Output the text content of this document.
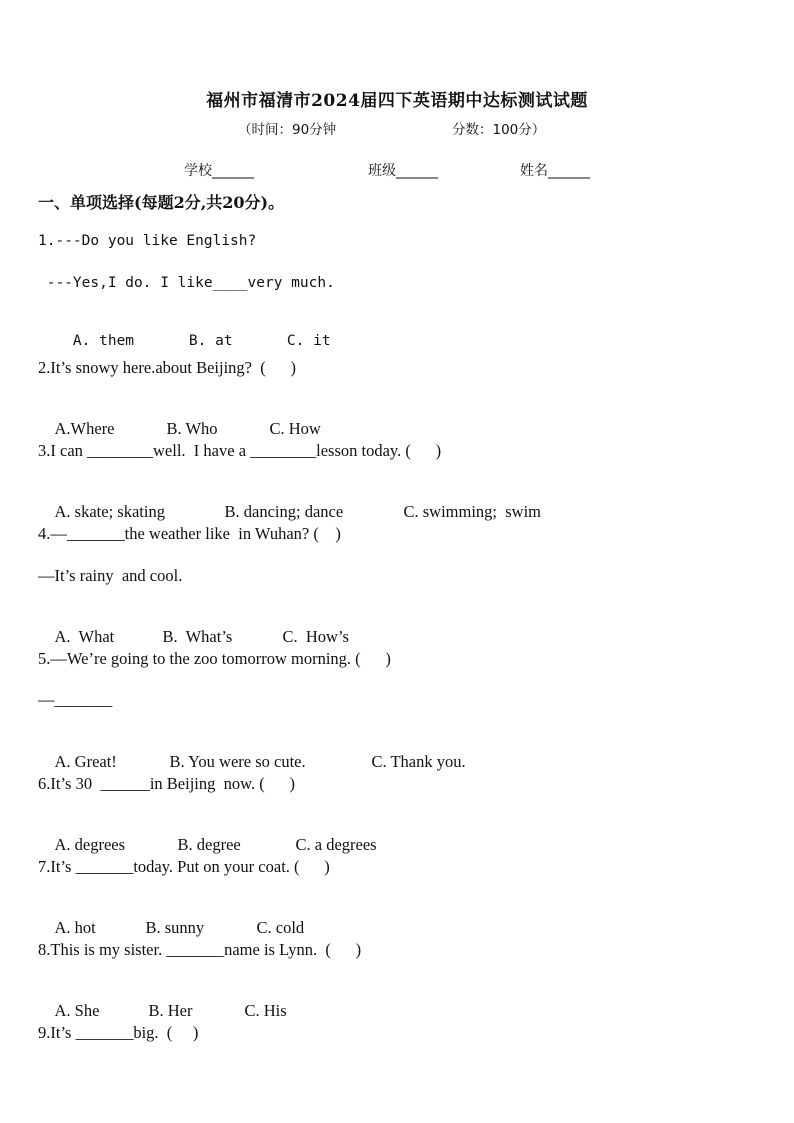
福州市福清市2024届四下英语期中达标测试试题
（时间：90分钟	分数：100分）
学校______	班级______	姓名______
一、单项选择(每题2分,共20分)。
1.---Do you like English?
---Yes,I do. I like____very much.

A. them	B. at	C. it

2.It’s snowy here.about Beijing?  (      )

A.Where	B. Who	C. How

3.I can ________well.  I have a ________lesson today. (      )

A. skate; skating	B. dancing; dance	C. swimming;  swim

4.—_______the weather like  in Wuhan? (    )
—It’s rainy  and cool.

A.  What	B.  What’s	C.  How’s

5.—We’re going to the zoo tomorrow morning. (      )
—_______

A. Great!	B. You were so cute.	C. Thank you.

6.It’s 30  ______in Beijing  now. (      )

A. degrees	B. degree	C. a degrees

7.It’s _______today. Put on your coat. (      )

A. hot	B. sunny	C. cold

8.This is my sister. _______name is Lynn.  (      )

A. She	B. Her	C. His

9.It’s _______big.  (     )
